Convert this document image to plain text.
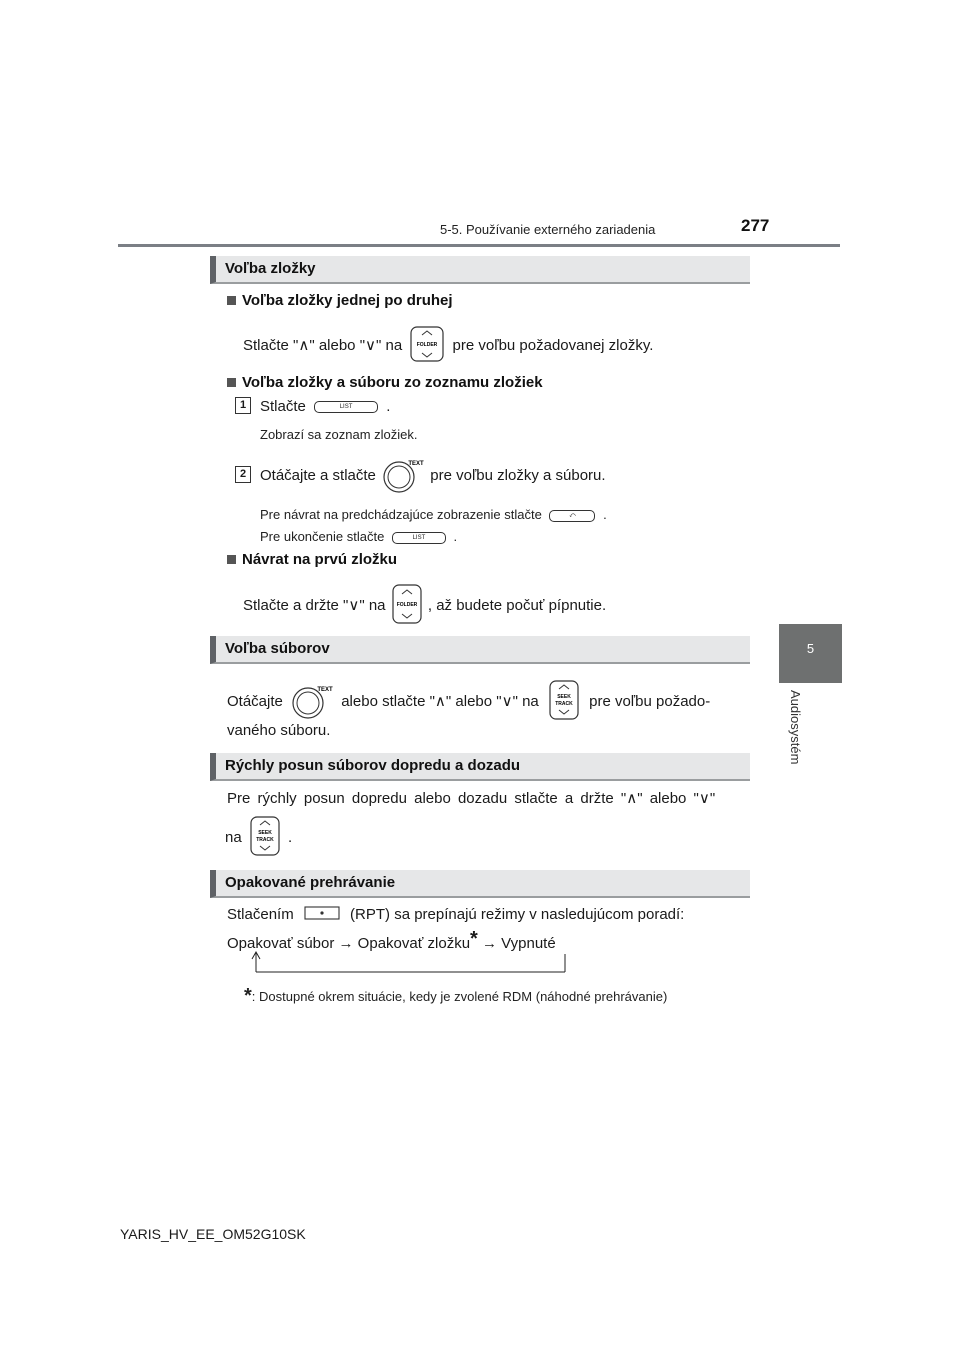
5-5. Používanie externého zariadenia	277
5
Audiosystém
Voľba zložky
Voľba zložky jednej po druhej
Stlačte "∧" alebo "∨" na	FOLDER pre voľbu požadovanej zložky.
Voľba zložky a súboru zo zoznamu zložiek
1 Stlačte	LIST .
Zobrazí sa zoznam zložiek.
2 Otáčajte a stlačte
TEXT
pre voľbu zložky a súboru.
Pre návrat na predchádzajúce zobrazenie stlačte	⤺ .
Pre ukončenie stlačte	LIST .
Návrat na prvú zložku
Stlačte a držte "∨" na FOLDER , až budete počuť pípnutie.
Voľba súborov
Otáčajte
TEXT
alebo stlačte "∧" alebo "∨" na	SEEK
TRACK pre voľbu požado-
vaného súboru.
Rýchly posun súborov dopredu a dozadu
Pre rýchly posun dopredu alebo dozadu stlačte a držte "∧" alebo "∨"
na	SEEK
TRACK .
Opakované prehrávanie
Stlačením	(RPT) sa prepínajú režimy v nasledujúcom poradí:
Opakovať súbor → Opakovať zložku* → Vypnuté
*: Dostupné okrem situácie, kedy je zvolené RDM (náhodné prehrávanie)
YARIS_HV_EE_OM52G10SK
